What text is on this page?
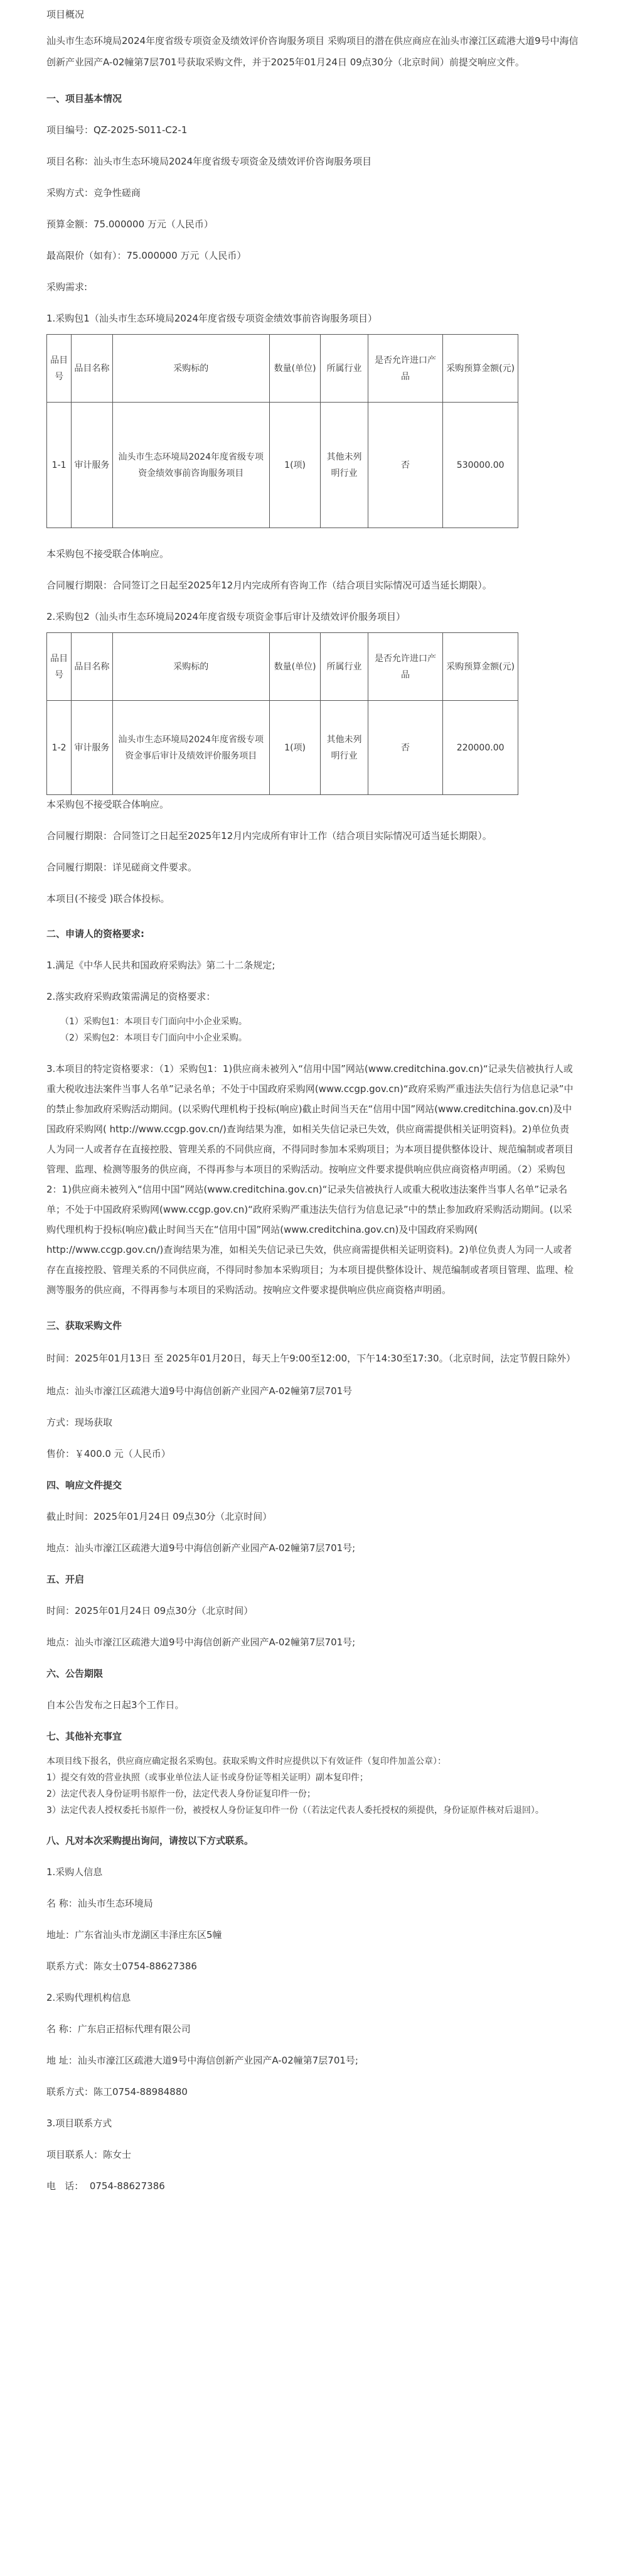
项目概况

汕头市生态环境局2024年度省级专项资金及绩效评价咨询服务项目 采购项目的潜在供应商应在汕头市濠江区疏港大道9号中海信创新产业园产A-02幢第7层701号获取采购文件，并于2025年01月24日 09点30分（北京时间）前提交响应文件。

一、项目基本情况

项目编号：QZ-2025-S011-C2-1

项目名称：汕头市生态环境局2024年度省级专项资金及绩效评价咨询服务项目

采购方式：竞争性磋商

预算金额：75.000000 万元（人民币）

最高限价（如有）：75.000000 万元（人民币）

采购需求:

1.采购包1（汕头市生态环境局2024年度省级专项资金绩效事前咨询服务项目）

品目号	品目名称	采购标的	数量(单位)	所属行业	是否允许进口产品	采购预算金额(元)
1-1	审计服务	汕头市生态环境局2024年度省级专项资金绩效事前咨询服务项目	1(项)	其他未列明行业	否	530000.00

本采购包不接受联合体响应。

合同履行期限：合同签订之日起至2025年12月内完成所有咨询工作（结合项目实际情况可适当延长期限）。

2.采购包2（汕头市生态环境局2024年度省级专项资金事后审计及绩效评价服务项目）

品目号	品目名称	采购标的	数量(单位)	所属行业	是否允许进口产品	采购预算金额(元)
1-2	审计服务	汕头市生态环境局2024年度省级专项资金事后审计及绩效评价服务项目	1(项)	其他未列明行业	否	220000.00

本采购包不接受联合体响应。

合同履行期限：合同签订之日起至2025年12月内完成所有审计工作（结合项目实际情况可适当延长期限）。

合同履行期限：详见磋商文件要求。

本项目(不接受 )联合体投标。

二、申请人的资格要求:

1.满足《中华人民共和国政府采购法》第二十二条规定;

2.落实政府采购政策需满足的资格要求：

（1）采购包1：本项目专门面向中小企业采购。

（2）采购包2：本项目专门面向中小企业采购。

3.本项目的特定资格要求：（1）采购包1：1)供应商未被列入“信用中国”网站(www.creditchina.gov.cn)“记录失信被执行人或重大税收违法案件当事人名单”记录名单；不处于中国政府采购网(www.ccgp.gov.cn)“政府采购严重违法失信行为信息记录”中的禁止参加政府采购活动期间。(以采购代理机构于投标(响应)截止时间当天在“信用中国”网站(www.creditchina.gov.cn)及中国政府采购网( http://www.ccgp.gov.cn/)查询结果为准，如相关失信记录已失效，供应商需提供相关证明资料)。2)单位负责人为同一人或者存在直接控股、管理关系的不同供应商，不得同时参加本采购项目；为本项目提供整体设计、规范编制或者项目管理、监理、检测等服务的供应商，不得再参与本项目的采购活动。按响应文件要求提供响应供应商资格声明函。（2）采购包2：1)供应商未被列入“信用中国”网站(www.creditchina.gov.cn)“记录失信被执行人或重大税收违法案件当事人名单”记录名单；不处于中国政府采购网(www.ccgp.gov.cn)“政府采购严重违法失信行为信息记录”中的禁止参加政府采购活动期间。(以采购代理机构于投标(响应)截止时间当天在“信用中国”网站(www.creditchina.gov.cn)及中国政府采购网( http://www.ccgp.gov.cn/)查询结果为准，如相关失信记录已失效，供应商需提供相关证明资料)。2)单位负责人为同一人或者存在直接控股、管理关系的不同供应商，不得同时参加本采购项目；为本项目提供整体设计、规范编制或者项目管理、监理、检测等服务的供应商，不得再参与本项目的采购活动。按响应文件要求提供响应供应商资格声明函。

三、获取采购文件

时间：2025年01月13日 至 2025年01月20日，每天上午9:00至12:00，下午14:30至17:30。（北京时间，法定节假日除外）

地点：汕头市濠江区疏港大道9号中海信创新产业园产A-02幢第7层701号

方式：现场获取

售价：￥400.0 元（人民币）

四、响应文件提交

截止时间：2025年01月24日 09点30分（北京时间）

地点：汕头市濠江区疏港大道9号中海信创新产业园产A-02幢第7层701号;

五、开启

时间：2025年01月24日 09点30分（北京时间）

地点：汕头市濠江区疏港大道9号中海信创新产业园产A-02幢第7层701号;

六、公告期限

自本公告发布之日起3个工作日。

七、其他补充事宜

本项目线下报名，供应商应确定报名采购包。获取采购文件时应提供以下有效证件（复印件加盖公章）：

1）提交有效的营业执照（或事业单位法人证书或身份证等相关证明）副本复印件；

2）法定代表人身份证明书原件一份，法定代表人身份证复印件一份；

3）法定代表人授权委托书原件一份，被授权人身份证复印件一份（（若法定代表人委托授权的须提供，身份证原件核对后退回）。

八、凡对本次采购提出询问，请按以下方式联系。

1.采购人信息

名 称：汕头市生态环境局

地址：广东省汕头市龙湖区丰泽庄东区5幢

联系方式：陈女士0754-88627386

2.采购代理机构信息

名 称：广东启正招标代理有限公司

地 址：汕头市濠江区疏港大道9号中海信创新产业园产A-02幢第7层701号;

联系方式：陈工0754-88984880

3.项目联系方式

项目联系人：陈女士

电   话：  0754-88627386
